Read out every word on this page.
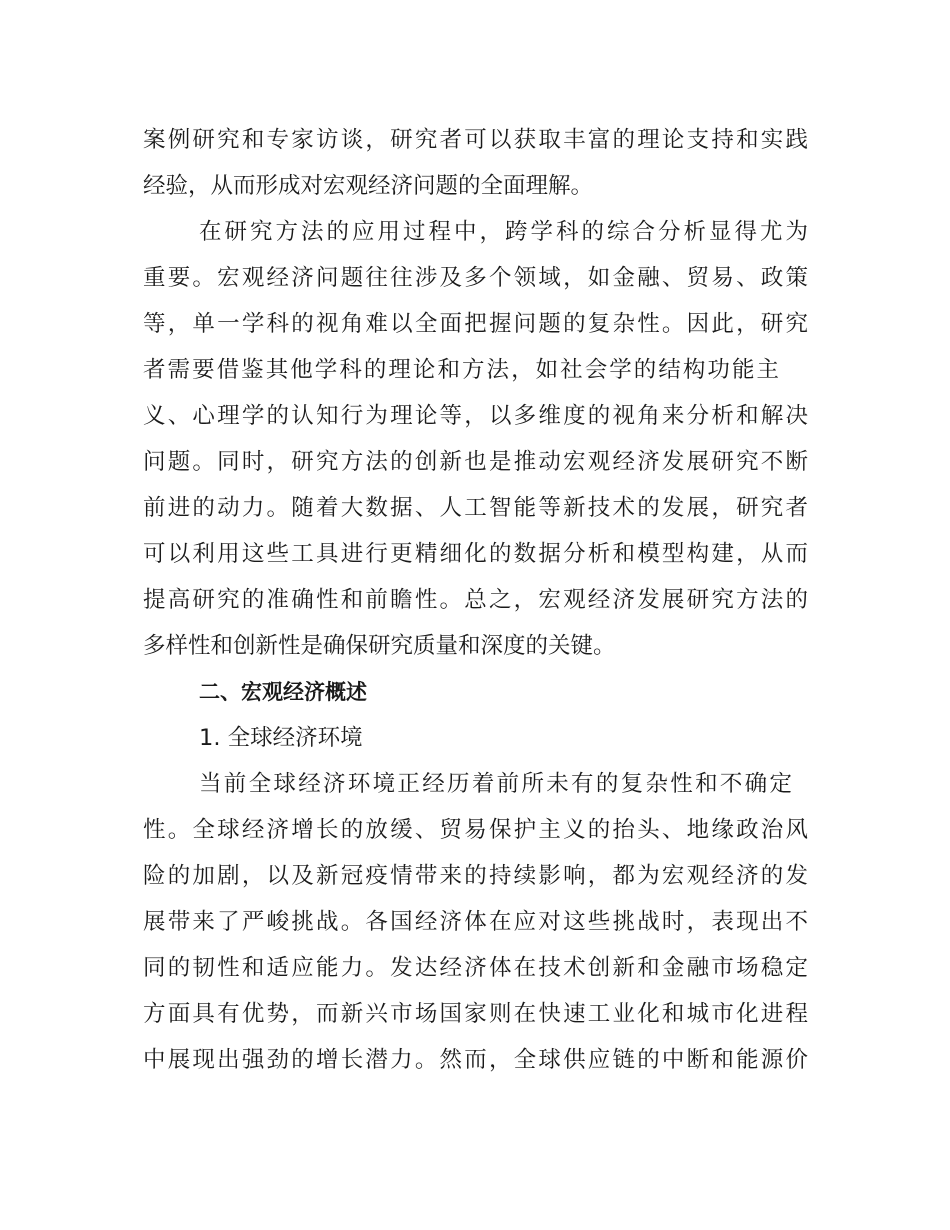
案例研究和专家访谈，研究者可以获取丰富的理论支持和实践
经验，从而形成对宏观经济问题的全面理解。
在研究方法的应用过程中，跨学科的综合分析显得尤为
重要。宏观经济问题往往涉及多个领域，如金融、贸易、政策
等，单一学科的视角难以全面把握问题的复杂性。因此，研究
者需要借鉴其他学科的理论和方法，如社会学的结构功能主
义、心理学的认知行为理论等，以多维度的视角来分析和解决
问题。同时，研究方法的创新也是推动宏观经济发展研究不断
前进的动力。随着大数据、人工智能等新技术的发展，研究者
可以利用这些工具进行更精细化的数据分析和模型构建，从而
提高研究的准确性和前瞻性。总之，宏观经济发展研究方法的
多样性和创新性是确保研究质量和深度的关键。
二、宏观经济概述
1. 全球经济环境
当前全球经济环境正经历着前所未有的复杂性和不确定
性。全球经济增长的放缓、贸易保护主义的抬头、地缘政治风
险的加剧，以及新冠疫情带来的持续影响，都为宏观经济的发
展带来了严峻挑战。各国经济体在应对这些挑战时，表现出不
同的韧性和适应能力。发达经济体在技术创新和金融市场稳定
方面具有优势，而新兴市场国家则在快速工业化和城市化进程
中展现出强劲的增长潜力。然而，全球供应链的中断和能源价
